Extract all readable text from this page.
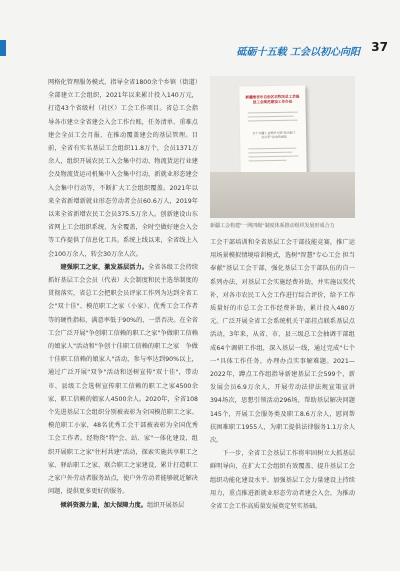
砥砺十五载 工会以初心向阳 37

网格化管理服务模式，指导全省1800余个乡镇（街道）全部建立工会组织，2021年以来累计投入140万元，打造43个省级村（社区）工会工作项目。省总工会指导各市建立全省建会入会工作台账，任务清单、重难点建会全员工会月报、在推动覆盖建会的基层管理。目前，全省有实名基层工会组织11.8万个，会员1371万余人，组织开展农民工入会集中行动、物流货运行业建会及物流货运司机集中入会集中行动，新就业形态建会入会集中行动等，不断扩大工会组织覆盖。2021年以来全省新增新就业形态劳动者会员60.6万人，2019年以来全省新增农民工会员375.5万余人。创新建设山东省网上工会组织系统，为全覆盖，全时空做好建会入会等工作提供了信息化工具。系统上线以来，全省线上入会100万余人，转会30万余人次。

建强职工之家，激发基层活力。全省各级工会持续抓好基层工会会员（代表）大会制度和民主选举制度的贯彻落实，省总工会把职会员评家工作列为达到全省工会"双十佳"、模范职工之家（小家）、优秀工会工作者等的硬性指标，满意率低于90%的，一票否决。在全省工会广泛开展"争创职工信赖的职工之家"争做职工信赖的娘家人"活动和"争创十佳职工信赖的职工之家　争做十佳职工信赖的娘家人"活动，参与率达到90%以上，通过广泛开展"双争"活动和送树宣传"双十佳"，带动市、县级工会选树宣传职工信赖的职工之家4500余家，职工信赖的娘家人4500余人。2020年，全省108个先进基层工会组织分别被表彰为全国模范职工之家、模范职工小家，48名优秀工会干部被表彰为全国优秀工会工作者。经物资"特"会、站、家"一体化建设，组织开展职工之家"往村共建"活动，探索实施共享职工之家、驿站职工之家、联合职工之家建设，累计打造职工之家户外劳动者服务站点，使户外劳动者能够就近解决问题，提供更多更好的服务。

倾斜资源力量，加大保障力度。组织开展基层

新疆维吾尔自治区农牧民总工会基层工会规范建设工作办法
关于在疆工会组织开展"我为职工办实事"活动的通知
新疆工会构建"一网四级"制度体系推动组织发展形成合力

工会干部培训和全省基层工会干部技能竞赛，推广运用场景模拟情境培训模式，选树"智慧"专心工会 担当奉献"基层工会干部，强化基层工会干部队伍的自一系列办法，对基层工会实施经费补助，并实施以奖代补，对各市农民工入会工作进行综合评价，给予工作质量好的市总工会工作经费补助，累计投入480万元。广泛开展全省工会系统机关干部挂点联系基层点活动，3年来，从省、市、县三级总工会抽调干部组成64个调研工作组，深入基层一线，通过完成"七个一"具体工作任务，办理办点实事解难题。2021—2022年，蹲点工作组指导新建基层工会599个，新发展会员6.9万余人，开展劳动法律法规宣策宣讲394场次，思想引领活动296场，帮助基层解决问题145个，开展工会服务类及职工8.6万余人，慰问帮扶困难职工1955人，为职工提供法律服务1.1万余人次。

下一步，全省工会基层工作将牢固树立大抓基层鲜明导向，在扩大工会组织有效覆盖、提升基层工会组织功能化建设水平、加强基层工会力量建设上持续用力，重点推进新就业形态劳动者建会入会，为推动全省工会工作高质量发展奠定坚实基础。
